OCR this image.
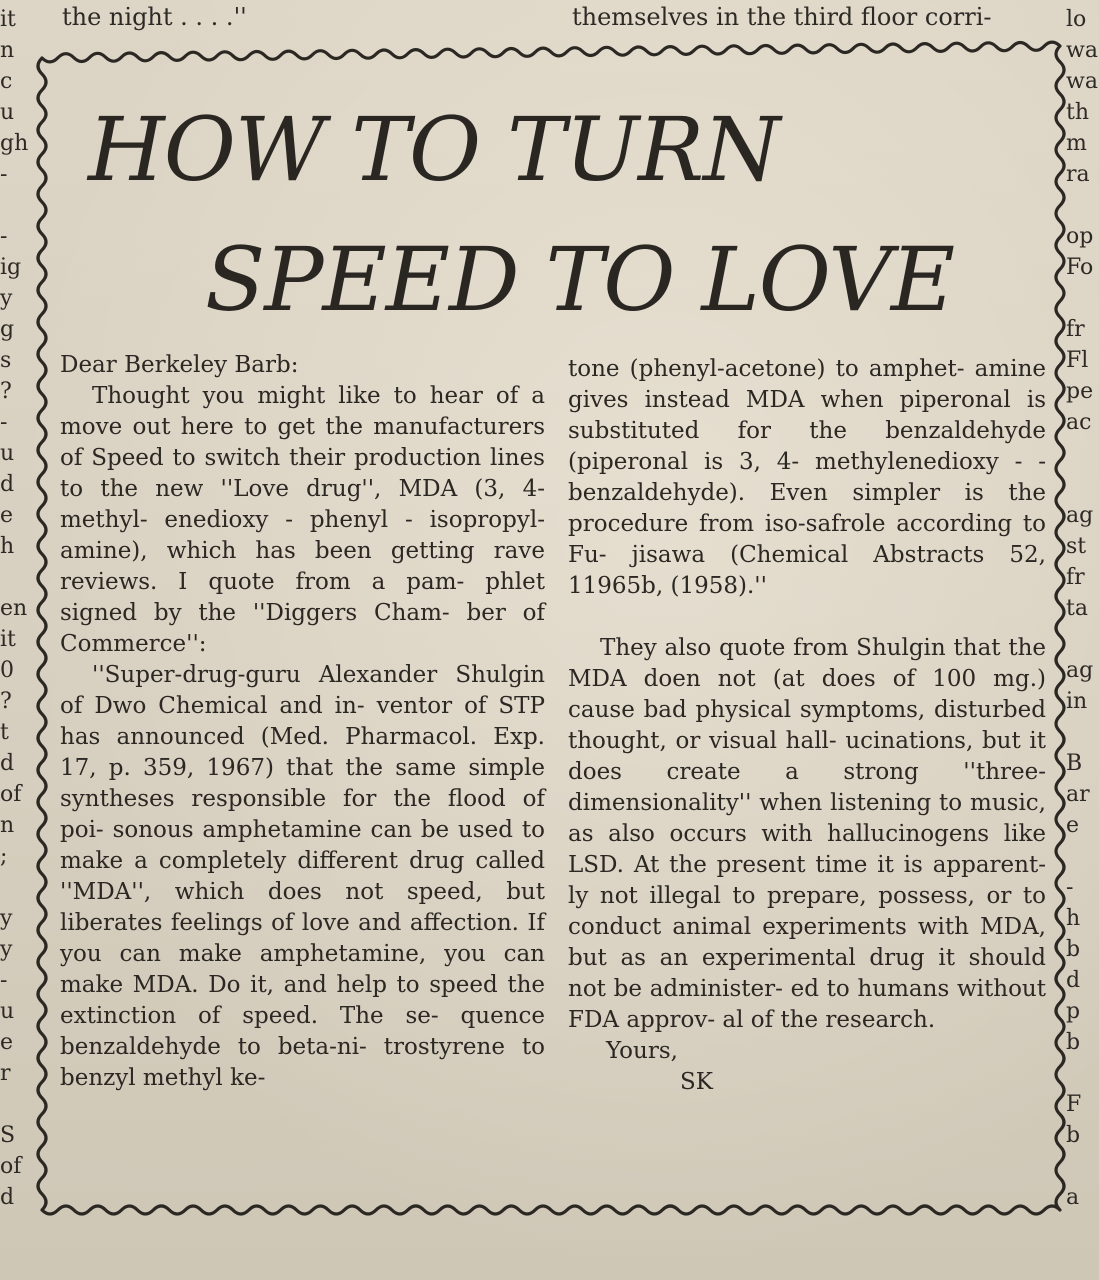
the night . . . .''	themselves in the third floor corri-
it
n
c
u
gh
-
-
ig
y
g
s
?
-
u
d
e
h
en
it
0
?
t
d
of
n
;
y
y
-
u
e
r
S
of
d
lo
wa
wa
th
m
ra
op
Fo
fr
Fl
pe
ac
ag
st
fr
ta
ag
in
B
ar
e
-
h
b
d
p
b
F
b
a
HOW TO TURN
SPEED TO LOVE

Dear Berkeley Barb:

Thought you might like to hear of a move out here to get the manufacturers of Speed to switch their production lines to the new ''Love drug'', MDA (3, 4-methyl- enedioxy - phenyl - isopropyl- amine), which has been getting rave reviews. I quote from a pam- phlet signed by the ''Diggers Cham- ber of Commerce'':

''Super-drug-guru Alexander Shulgin of Dwo Chemical and in- ventor of STP has announced (Med. Pharmacol. Exp. 17, p. 359, 1967) that the same simple syntheses responsible for the flood of poi- sonous amphetamine can be used to make a completely different drug called ''MDA'', which does not speed, but liberates feelings of love and affection. If you can make amphetamine, you can make MDA. Do it, and help to speed the extinction of speed. The se- quence benzaldehyde to beta-ni- trostyrene to benzyl methyl ke-

tone (phenyl-acetone) to amphet- amine gives instead MDA when piperonal is substituted for the benzaldehyde (piperonal is 3, 4- methylenedioxy - - benzaldehyde). Even simpler is the procedure from iso-safrole according to Fu- jisawa (Chemical Abstracts 52, 11965b, (1958).''

They also quote from Shulgin that the MDA doen not (at does of 100 mg.) cause bad physical symptoms, disturbed thought, or visual hall- ucinations, but it does create a strong ''three-dimensionality'' when listening to music, as also occurs with hallucinogens like LSD. At the present time it is apparent- ly not illegal to prepare, possess, or to conduct animal experiments with MDA, but as an experimental drug it should not be administer- ed to humans without FDA approv- al of the research.

Yours,

SK
